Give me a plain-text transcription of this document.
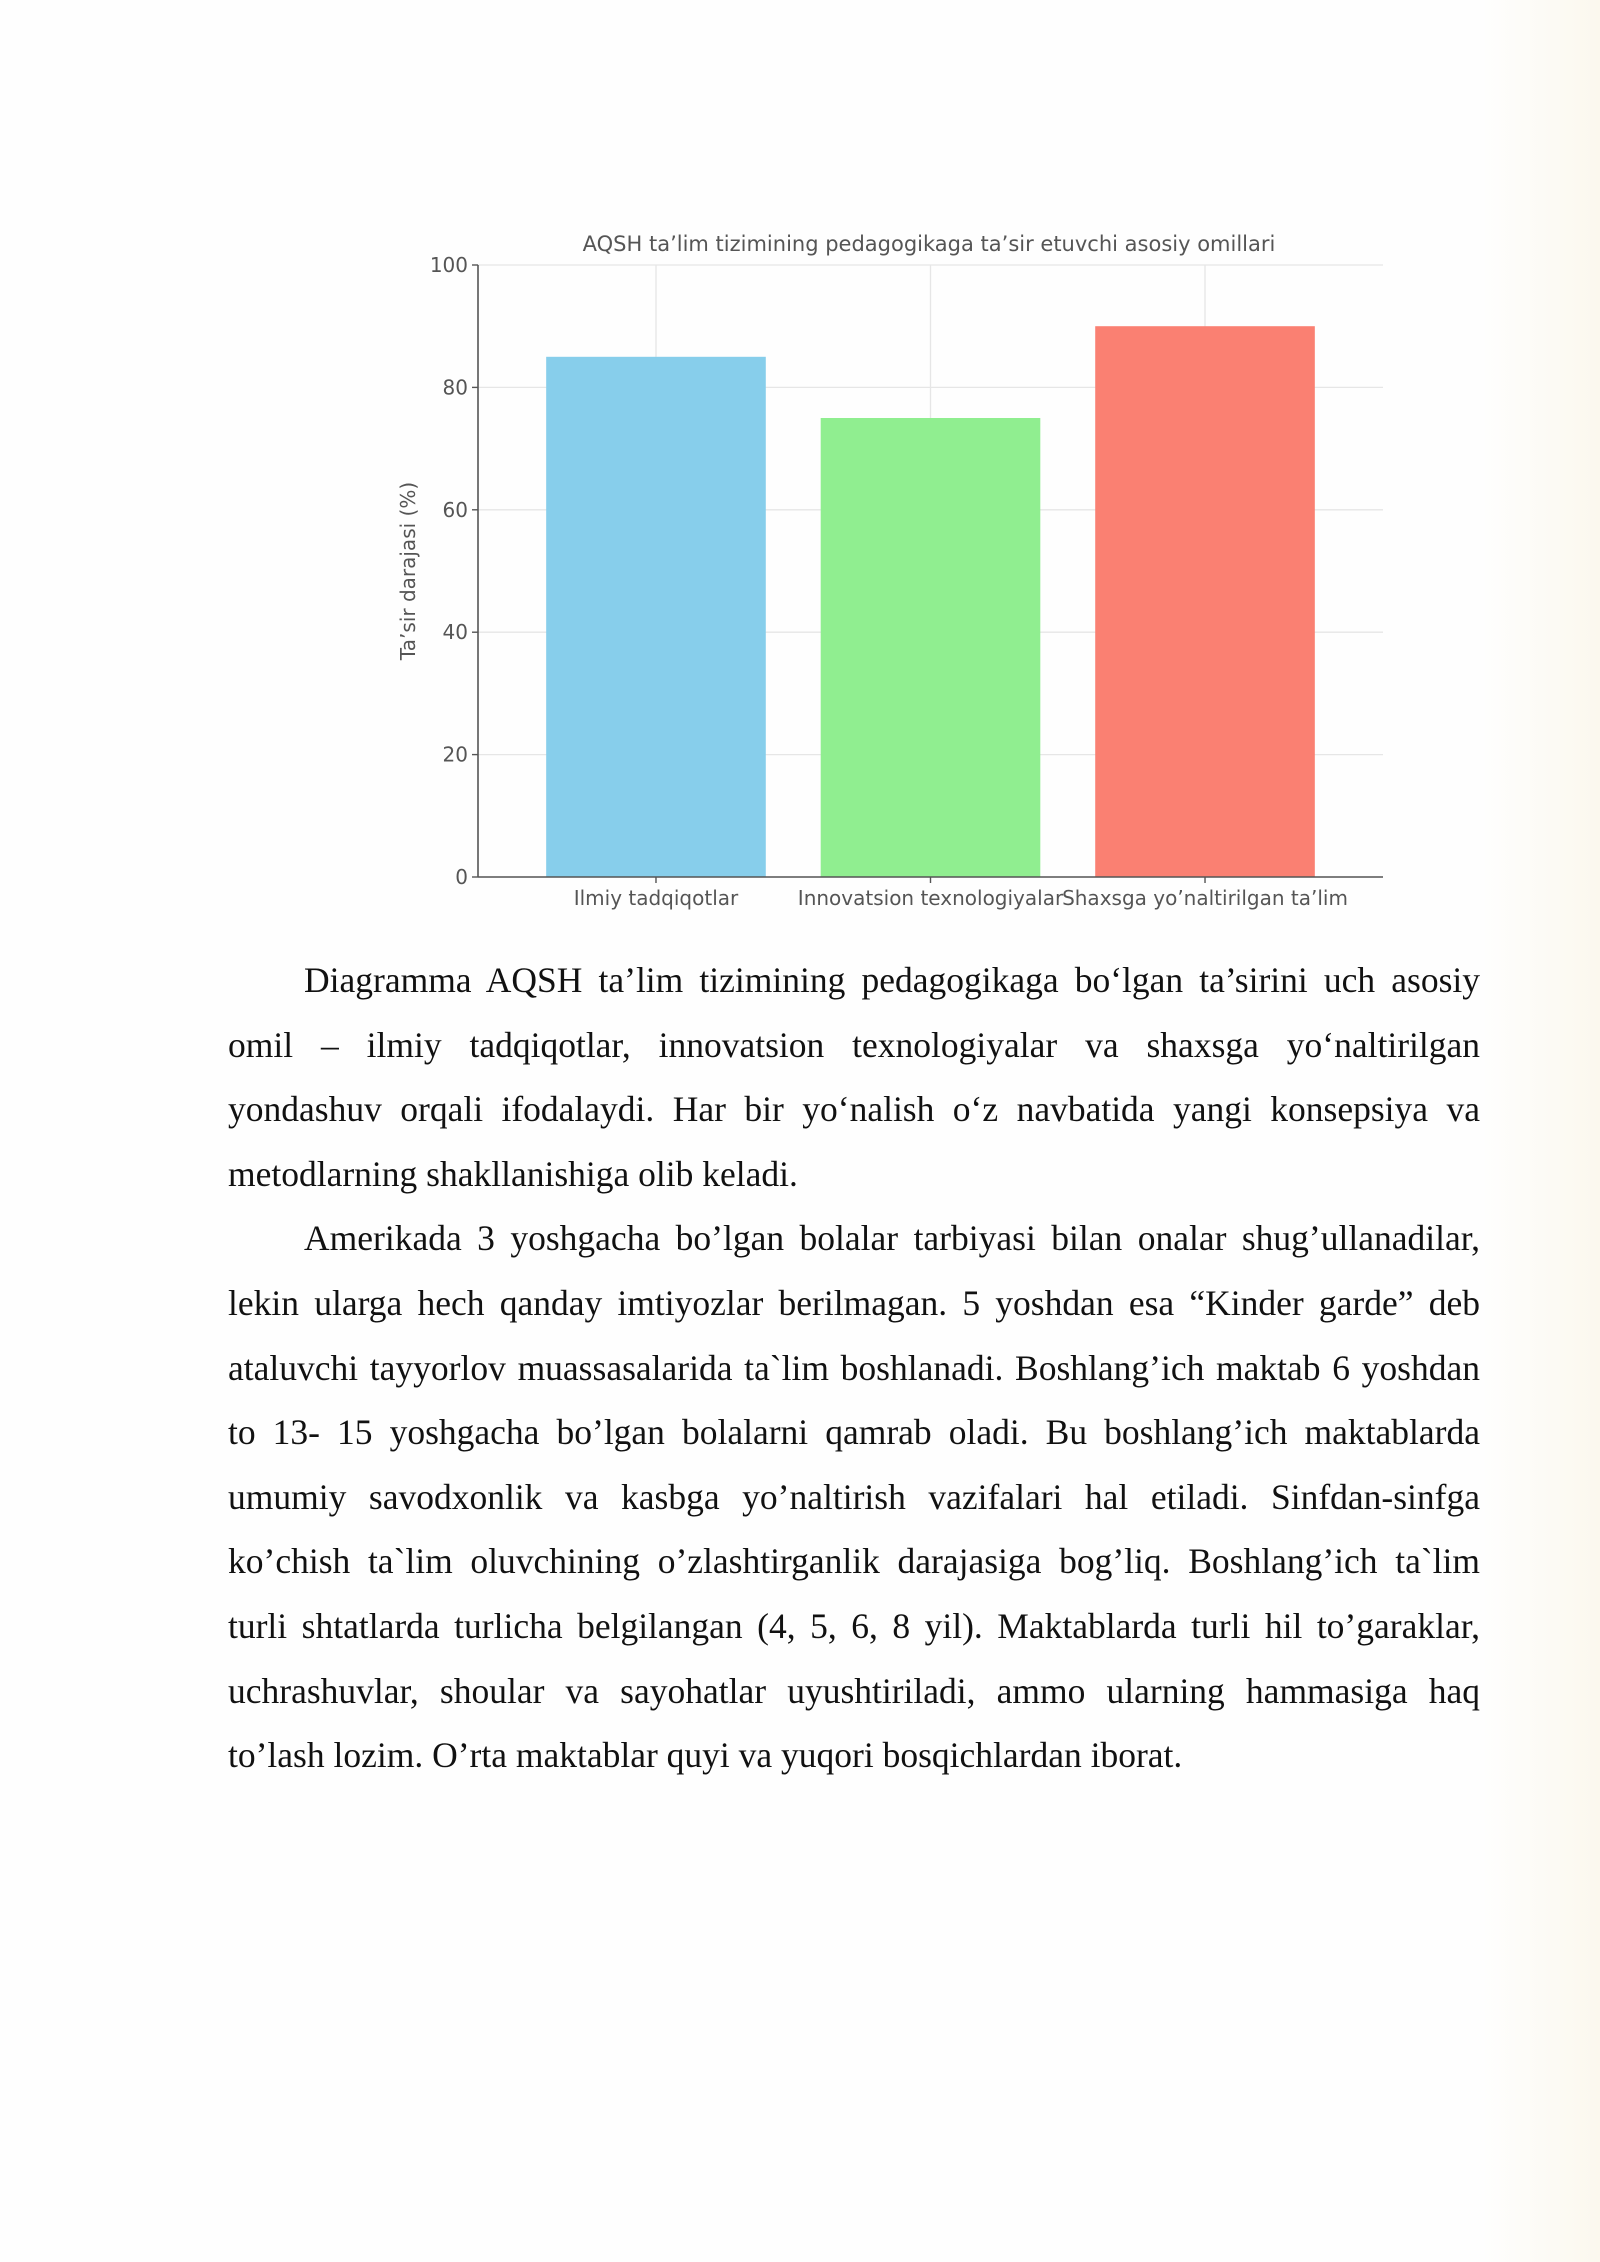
0
20
40
60
80
100
Ilmiy tadqiqotlar	Innovatsion texnologiyalar
Shaxsga yo’naltirilgan ta’lim
AQSH ta’lim tizimining pedagogikaga ta’sir etuvchi asosiy omillari
Ta’sir darajasi (%)

Diagramma AQSH ta’lim tizimining pedagogikaga bo‘lgan ta’sirini uch asosiy omil – ilmiy tadqiqotlar, innovatsion texnologiyalar va shaxsga yo‘naltirilgan yondashuv orqali ifodalaydi. Har bir yo‘nalish o‘z navbatida yangi konsepsiya va metodlarning shakllanishiga olib keladi.

Amerikada 3 yoshgacha bo’lgan bolalar tarbiyasi bilan onalar shug’ullanadilar, lekin ularga hech qanday imtiyozlar berilmagan. 5 yoshdan esa “Kinder garde” deb ataluvchi tayyorlov muassasalarida ta`lim boshlanadi. Boshlang’ich maktab 6 yoshdan to 13- 15 yoshgacha bo’lgan bolalarni qamrab oladi. Bu boshlang’ich maktablarda umumiy savodxonlik va kasbga yo’naltirish vazifalari hal etiladi. Sinfdan-sinfga ko’chish ta`lim oluvchining o’zlashtirganlik darajasiga bog’liq. Boshlang’ich ta`lim turli shtatlarda turlicha belgilangan (4, 5, 6, 8 yil). Maktablarda turli hil to’garaklar, uchrashuvlar, shoular va sayohatlar uyushtiriladi, ammo ularning hammasiga haq to’lash lozim. O’rta maktablar quyi va yuqori bosqichlardan iborat.
